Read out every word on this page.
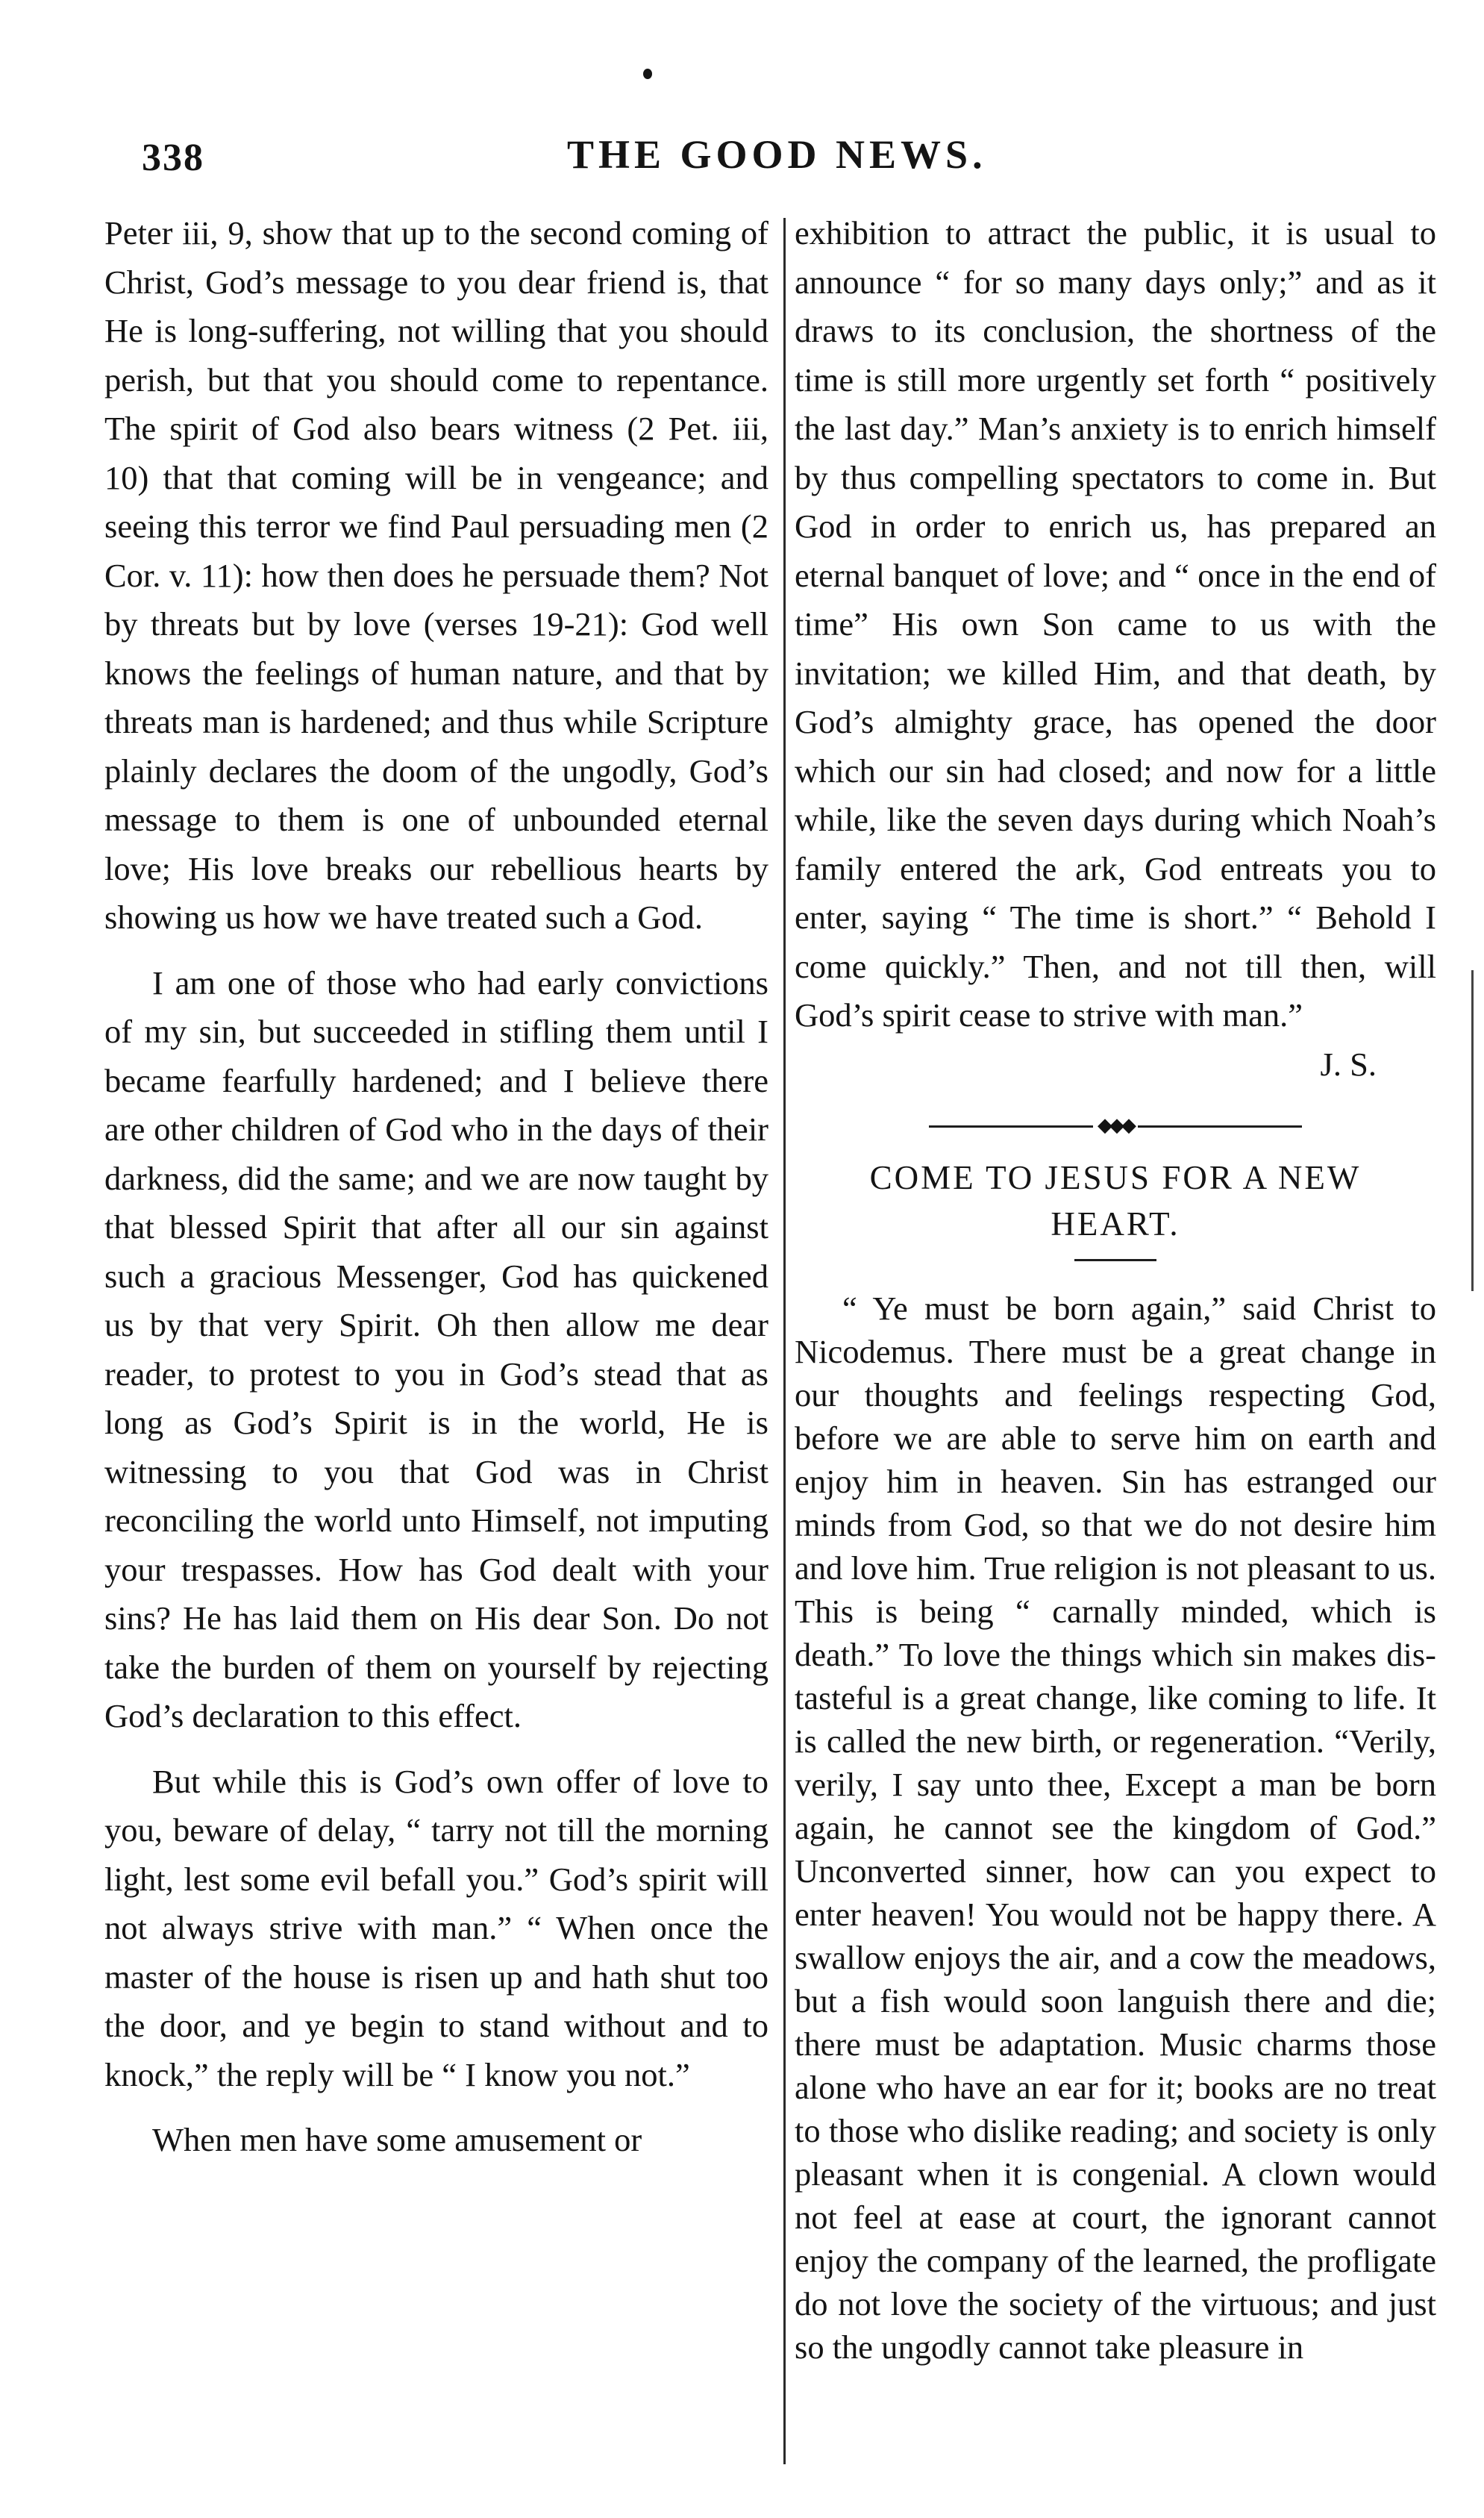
338	THE GOOD NEWS.

Peter iii, 9, show that up to the second coming of Christ, God’s message to you dear friend is, that He is long-suffering, not willing that you should perish, but that you should come to repentance. The spirit of God also bears witness (2 Pet. iii, 10) that that coming will be in vengeance; and seeing this terror we find Paul persuading men (2 Cor. v. 11): how then does he persuade them? Not by threats but by love (verses 19-21): God well knows the feelings of human nature, and that by threats man is hardened; and thus while Scripture plainly declares the doom of the ungodly, God’s message to them is one of unbounded eternal love; His love breaks our rebellious hearts by showing us how we have treated such a God.

I am one of those who had early convictions of my sin, but succeeded in stifling them until I became fearfully hardened; and I believe there are other children of God who in the days of their darkness, did the same; and we are now taught by that blessed Spirit that after all our sin against such a gracious Messenger, God has quickened us by that very Spirit. Oh then allow me dear reader, to protest to you in God’s stead that as long as God’s Spirit is in the world, He is witnessing to you that God was in Christ reconciling the world unto Himself, not imputing your trespasses. How has God dealt with your sins? He has laid them on His dear Son. Do not take the burden of them on yourself by rejecting God’s declaration to this effect.

But while this is God’s own offer of love to you, beware of delay, “ tarry not till the morning light, lest some evil befall you.” God’s spirit will not always strive with man.” “ When once the master of the house is risen up and hath shut too the door, and ye begin to stand without and to knock,” the reply will be “ I know you not.”

When men have some amusement or

exhibition to attract the public, it is usual to announce “ for so many days only;” and as it draws to its conclusion, the shortness of the time is still more urgently set forth “ positively the last day.” Man’s anxiety is to enrich himself by thus compelling spectators to come in. But God in order to enrich us, has prepared an eternal banquet of love; and “ once in the end of time” His own Son came to us with the invitation; we killed Him, and that death, by God’s almighty grace, has opened the door which our sin had closed; and now for a little while, like the seven days during which Noah’s family entered the ark, God entreats you to enter, saying “ The time is short.” “ Behold I come quickly.” Then, and not till then, will God’s spirit cease to strive with man.”

J. S.
◆◆◆

COME TO JESUS FOR A NEW

HEART.

“ Ye must be born again,” said Christ to Nicodemus. There must be a great change in our thoughts and feelings respecting God, before we are able to serve him on earth and enjoy him in heaven. Sin has estranged our minds from God, so that we do not desire him and love him. True religion is not pleasant to us. This is being “ carnally minded, which is death.” To love the things which sin makes distasteful is a great change, like coming to life. It is called the new birth, or regeneration. “Verily, verily, I say unto thee, Except a man be born again, he cannot see the kingdom of God.” Unconverted sinner, how can you expect to enter heaven! You would not be happy there. A swallow enjoys the air, and a cow the meadows, but a fish would soon languish there and die; there must be adaptation. Music charms those alone who have an ear for it; books are no treat to those who dislike reading; and society is only pleasant when it is congenial. A clown would not feel at ease at court, the ignorant cannot enjoy the company of the learned, the profligate do not love the society of the virtuous; and just so the ungodly cannot take pleasure in
